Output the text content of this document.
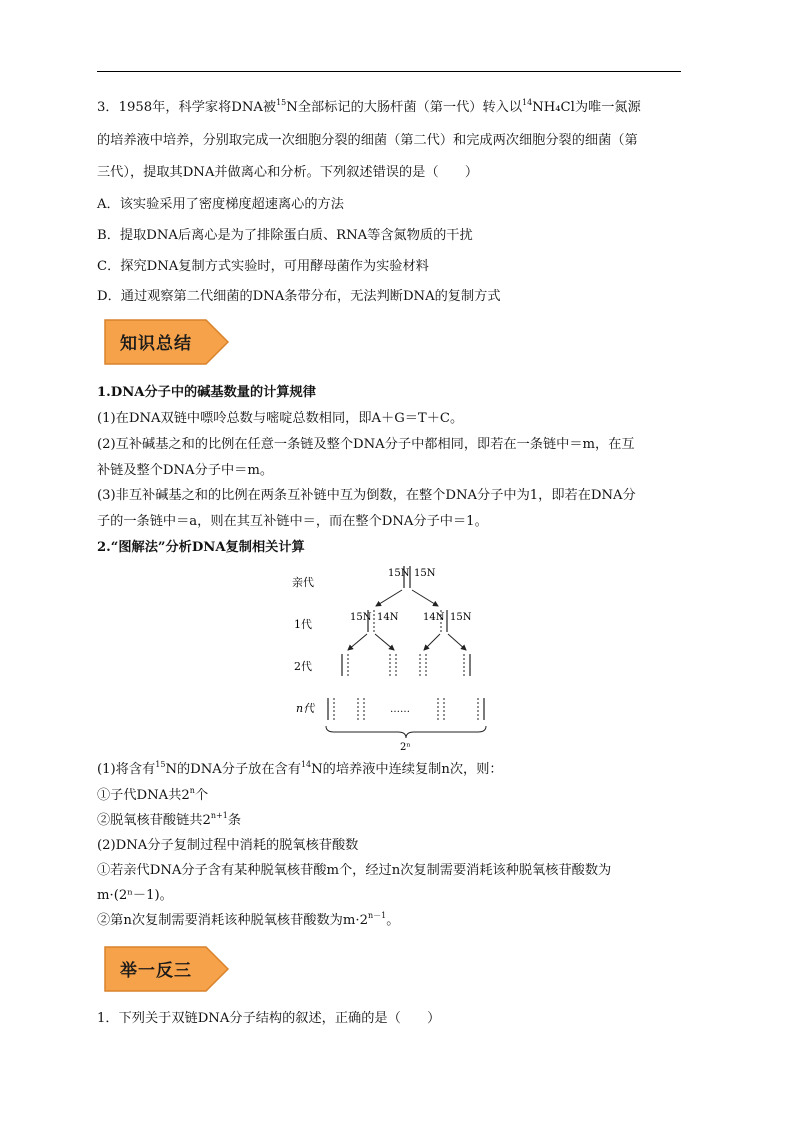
3．1958年，科学家将DNA被$^{15}$N全部标记的大肠杆菌（第一代）转入以$^{14}$NH₄Cl为唯一氮源
的培养液中培养，分别取完成一次细胞分裂的细菌（第二代）和完成两次细胞分裂的细菌（第
三代），提取其DNA并做离心和分析。下列叙述错误的是（　　）
A．该实验采用了密度梯度超速离心的方法
B．提取DNA后离心是为了排除蛋白质、RNA等含氮物质的干扰
C．探究DNA复制方式实验时，可用酵母菌作为实验材料
D．通过观察第二代细菌的DNA条带分布，无法判断DNA的复制方式
知识总结
1.DNA分子中的碱基数量的计算规律
(1)在DNA双链中嘌呤总数与嘧啶总数相同，即A＋G＝T＋C。
(2)互补碱基之和的比例在任意一条链及整个DNA分子中都相同，即若在一条链中＝m，在互
补链及整个DNA分子中＝m。
(3)非互补碱基之和的比例在两条互补链中互为倒数，在整个DNA分子中为1，即若在DNA分
子的一条链中＝a，则在其互补链中＝，而在整个DNA分子中＝1。
2.“图解法”分析DNA复制相关计算
亲代
1代
2代
n代
15N 15N
15N 14N 14N 15N
……
2ⁿ
(1)将含有$^{15}$N的DNA分子放在含有$^{14}$N的培养液中连续复制n次，则：
①子代DNA共2$^n$个
②脱氧核苷酸链共$2^{n+1}$条
(2)DNA分子复制过程中消耗的脱氧核苷酸数
①若亲代DNA分子含有某种脱氧核苷酸m个，经过n次复制需要消耗该种脱氧核苷酸数为
m·(2ⁿ－1)。
②第n次复制需要消耗该种脱氧核苷酸数为$m\cdot 2^{n-1}$。
举一反三
1．下列关于双链DNA分子结构的叙述，正确的是（　　）
